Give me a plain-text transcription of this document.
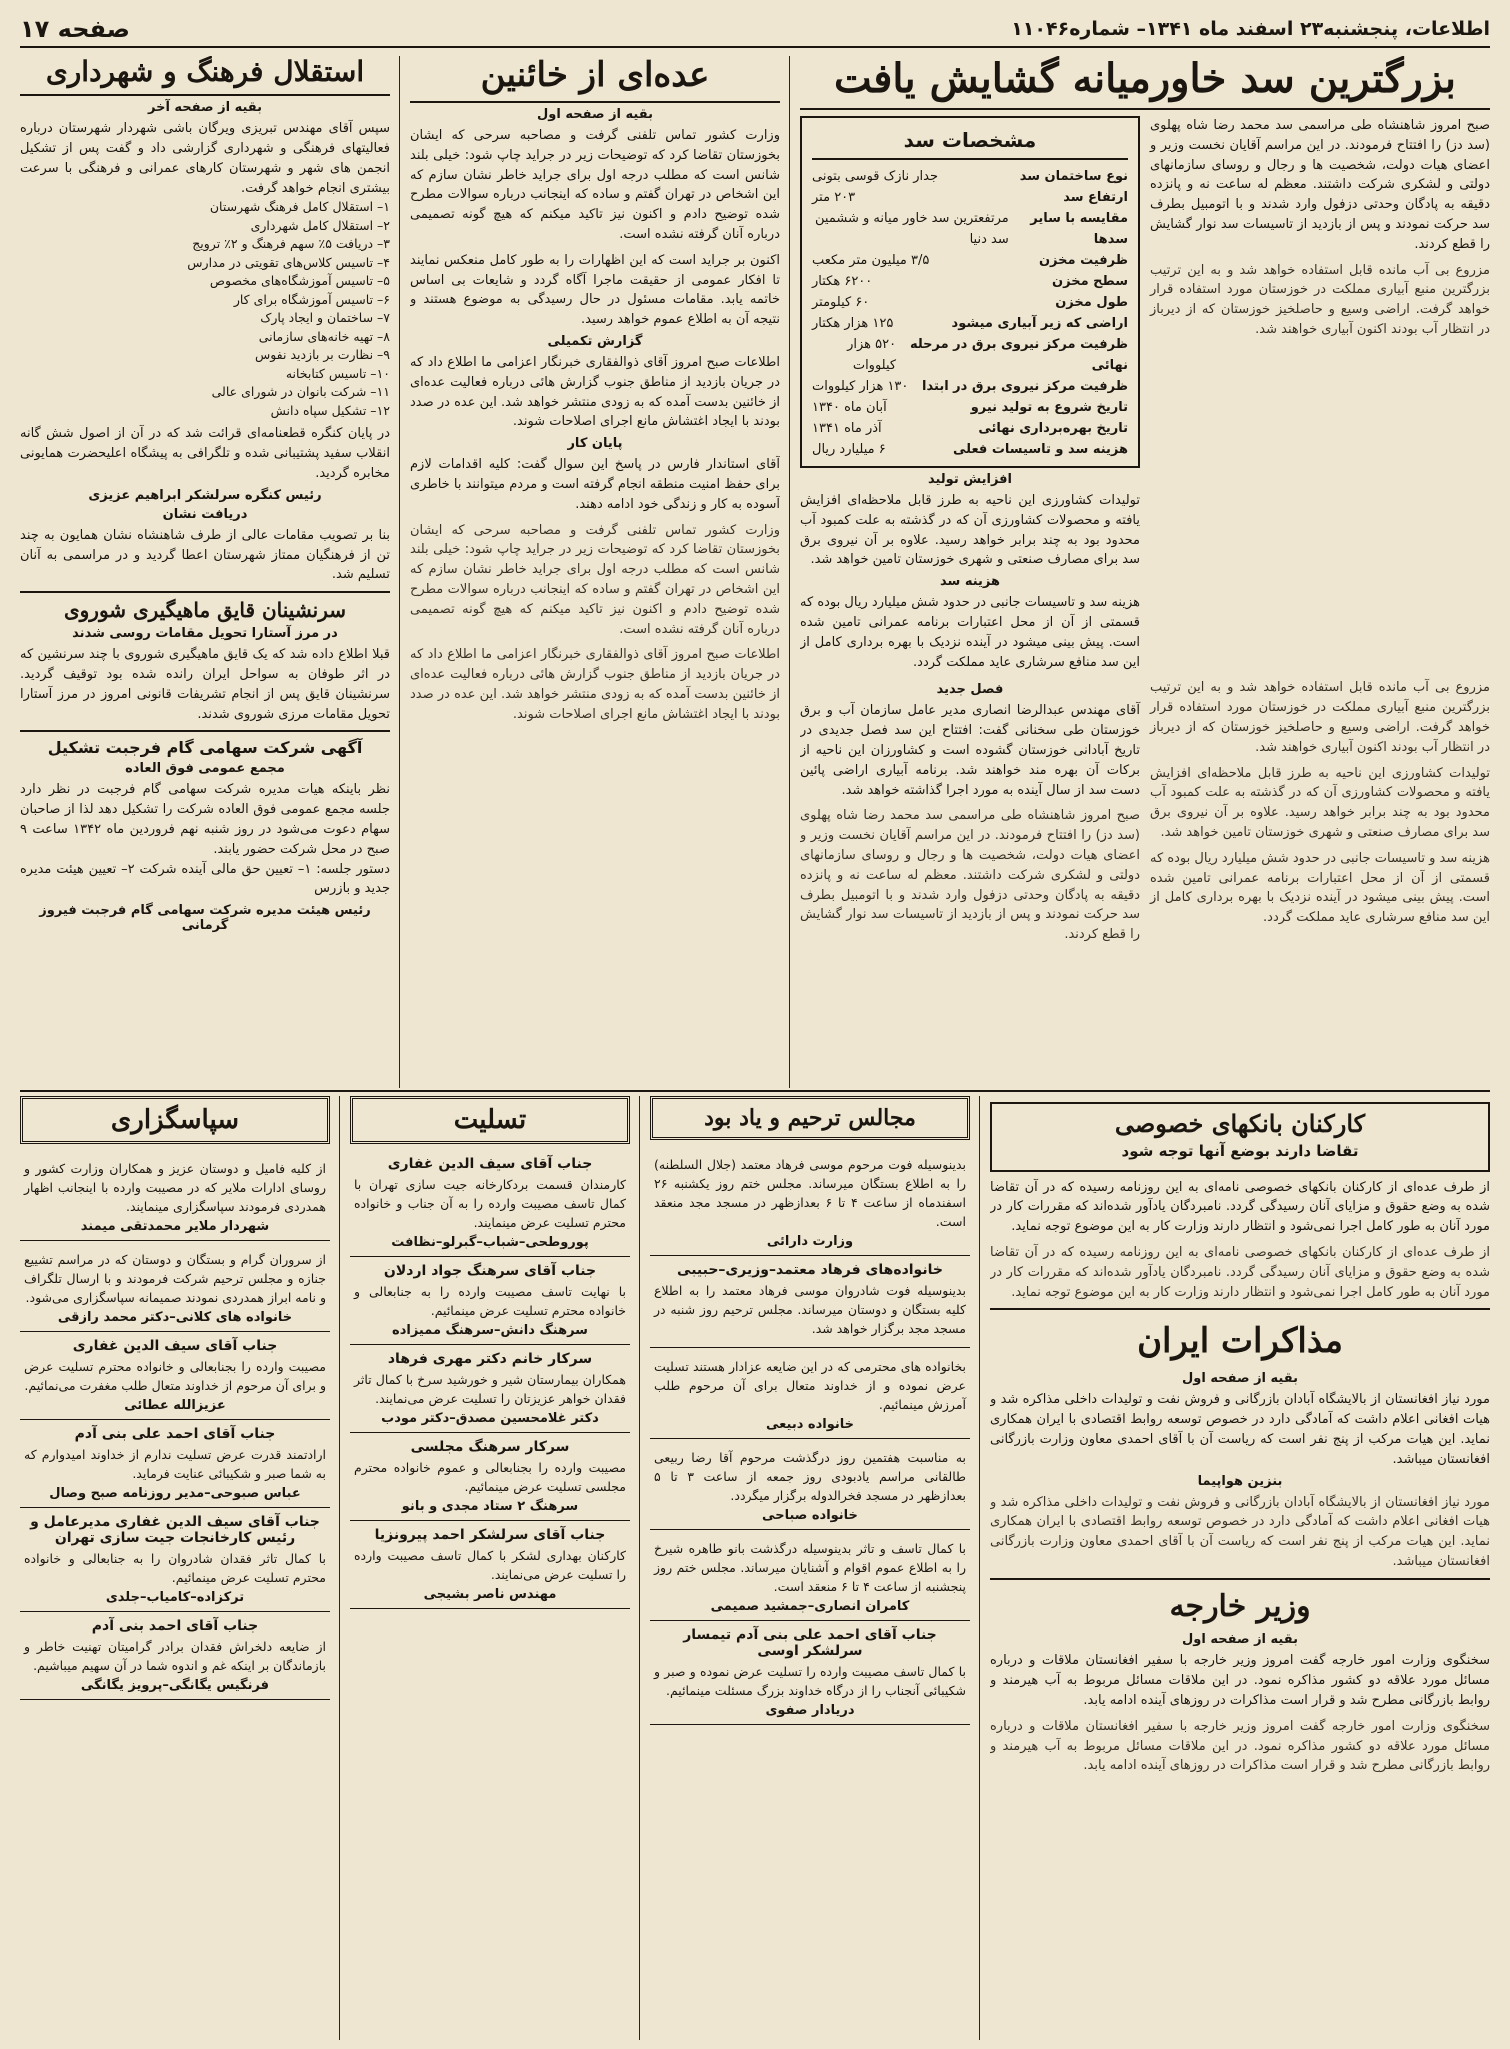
اطلاعات، پنجشنبه۲۳ اسفند ماه ۱۳۴۱– شماره۱۱۰۴۶
صفحه ۱۷
بزرگترین سد خاورمیانه گشایش یافت

صبح امروز شاهنشاه طی مراسمی سد محمد رضا شاه پهلوی (سد دز) را افتتاح فرمودند. در این مراسم آقایان نخست وزیر و اعضای هیات دولت، شخصیت ها و رجال و روسای سازمانهای دولتی و لشکری شرکت داشتند. معظم له ساعت نه و پانزده دقیقه به پادگان وحدتی دزفول وارد شدند و با اتومبیل بطرف سد حرکت نمودند و پس از بازدید از تاسیسات سد نوار گشایش را قطع کردند.

مزروع بی آب مانده قابل استفاده خواهد شد و به این ترتیب بزرگترین منبع آبیاری مملکت در خوزستان مورد استفاده قرار خواهد گرفت. اراضی وسیع و حاصلخیز خوزستان که از دیرباز در انتظار آب بودند اکنون آبیاری خواهند شد.

مشخصات سد
نوع ساختمان سد
جدار نازک قوسی بتونی
ارتفاع سد
۲۰۳ متر
مقایسه با سایر سدها
مرتفعترین سد خاور میانه و ششمین سد دنیا
ظرفیت مخزن
۳/۵ میلیون متر مکعب
سطح مخزن
۶۲۰۰ هکتار
طول مخزن
۶۰ کیلومتر
اراضی که زیر آبیاری میشود
۱۲۵ هزار هکتار
ظرفیت مرکز نیروی برق در مرحله نهائی
۵۲۰ هزار کیلووات
ظرفیت مرکز نیروی برق در ابتدا
۱۳۰ هزار کیلووات
تاریخ شروع به تولید نیرو
آبان ماه ۱۳۴۰
تاریخ بهره‌برداری نهائی
آذر ماه ۱۳۴۱
هزینه سد و تاسیسات فعلی
۶ میلیارد ریال
افزایش تولید

تولیدات کشاورزی این ناحیه به طرز قابل ملاحظه‌ای افزایش یافته و محصولات کشاورزی آن که در گذشته به علت کمبود آب محدود بود به چند برابر خواهد رسید. علاوه بر آن نیروی برق سد برای مصارف صنعتی و شهری خوزستان تامین خواهد شد.

هزینه سد

هزینه سد و تاسیسات جانبی در حدود شش میلیارد ریال بوده که قسمتی از آن از محل اعتبارات برنامه عمرانی تامین شده است. پیش بینی میشود در آینده نزدیک با بهره برداری کامل از این سد منافع سرشاری عاید مملکت گردد.

مزروع بی آب مانده قابل استفاده خواهد شد و به این ترتیب بزرگترین منبع آبیاری مملکت در خوزستان مورد استفاده قرار خواهد گرفت. اراضی وسیع و حاصلخیز خوزستان که از دیرباز در انتظار آب بودند اکنون آبیاری خواهند شد.

تولیدات کشاورزی این ناحیه به طرز قابل ملاحظه‌ای افزایش یافته و محصولات کشاورزی آن که در گذشته به علت کمبود آب محدود بود به چند برابر خواهد رسید. علاوه بر آن نیروی برق سد برای مصارف صنعتی و شهری خوزستان تامین خواهد شد.

هزینه سد و تاسیسات جانبی در حدود شش میلیارد ریال بوده که قسمتی از آن از محل اعتبارات برنامه عمرانی تامین شده است. پیش بینی میشود در آینده نزدیک با بهره برداری کامل از این سد منافع سرشاری عاید مملکت گردد.

فصل جدید

آقای مهندس عبدالرضا انصاری مدیر عامل سازمان آب و برق خوزستان طی سخنانی گفت: افتتاح این سد فصل جدیدی در تاریخ آبادانی خوزستان گشوده است و کشاورزان این ناحیه از برکات آن بهره مند خواهند شد. برنامه آبیاری اراضی پائین دست سد از سال آینده به مورد اجرا گذاشته خواهد شد.

صبح امروز شاهنشاه طی مراسمی سد محمد رضا شاه پهلوی (سد دز) را افتتاح فرمودند. در این مراسم آقایان نخست وزیر و اعضای هیات دولت، شخصیت ها و رجال و روسای سازمانهای دولتی و لشکری شرکت داشتند. معظم له ساعت نه و پانزده دقیقه به پادگان وحدتی دزفول وارد شدند و با اتومبیل بطرف سد حرکت نمودند و پس از بازدید از تاسیسات سد نوار گشایش را قطع کردند.

عده‌ای از خائنین
بقیه از صفحه اول

وزارت کشور تماس تلفنی گرفت و مصاحبه سرحی که ایشان بخوزستان تقاضا کرد که توضیحات زیر در جراید چاپ شود: خیلی بلند شانس است که مطلب درجه اول برای جراید خاطر نشان سازم که این اشخاص در تهران گفتم و ساده که اینجانب درباره سوالات مطرح شده توضیح دادم و اکنون نیز تاکید میکنم که هیچ گونه تصمیمی درباره آنان گرفته نشده است.

اکنون بر جراید است که این اظهارات را به طور کامل منعکس نمایند تا افکار عمومی از حقیقت ماجرا آگاه گردد و شایعات بی اساس خاتمه یابد. مقامات مسئول در حال رسیدگی به موضوع هستند و نتیجه آن به اطلاع عموم خواهد رسید.

گزارش تکمیلی

اطلاعات صبح امروز آقای ذوالفقاری خبرنگار اعزامی ما اطلاع داد که در جریان بازدید از مناطق جنوب گزارش هائی درباره فعالیت عده‌ای از خائنین بدست آمده که به زودی منتشر خواهد شد. این عده در صدد بودند با ایجاد اغتشاش مانع اجرای اصلاحات شوند.

پایان کار

آقای استاندار فارس در پاسخ این سوال گفت: کلیه اقدامات لازم برای حفظ امنیت منطقه انجام گرفته است و مردم میتوانند با خاطری آسوده به کار و زندگی خود ادامه دهند.

وزارت کشور تماس تلفنی گرفت و مصاحبه سرحی که ایشان بخوزستان تقاضا کرد که توضیحات زیر در جراید چاپ شود: خیلی بلند شانس است که مطلب درجه اول برای جراید خاطر نشان سازم که این اشخاص در تهران گفتم و ساده که اینجانب درباره سوالات مطرح شده توضیح دادم و اکنون نیز تاکید میکنم که هیچ گونه تصمیمی درباره آنان گرفته نشده است.

اطلاعات صبح امروز آقای ذوالفقاری خبرنگار اعزامی ما اطلاع داد که در جریان بازدید از مناطق جنوب گزارش هائی درباره فعالیت عده‌ای از خائنین بدست آمده که به زودی منتشر خواهد شد. این عده در صدد بودند با ایجاد اغتشاش مانع اجرای اصلاحات شوند.

استقلال فرهنگ و شهرداری
بقیه از صفحه آخر

سپس آقای مهندس تبریزی ویرگان باشی شهردار شهرستان درباره فعالیتهای فرهنگی و شهرداری گزارشی داد و گفت پس از تشکیل انجمن های شهر و شهرستان کارهای عمرانی و فرهنگی با سرعت بیشتری انجام خواهد گرفت.

۱– استقلال کامل فرهنگ شهرستان
۲– استقلال کامل شهرداری
۳– دریافت ۵٪ سهم فرهنگ و ۲٪ ترویج
۴– تاسیس کلاس‌های تقویتی در مدارس
۵– تاسیس آموزشگاه‌های مخصوص
۶– تاسیس آموزشگاه برای کار
۷– ساختمان و ایجاد پارک
۸– تهیه خانه‌های سازمانی
۹– نظارت بر بازدید نفوس
۱۰– تاسیس کتابخانه
۱۱– شرکت بانوان در شورای عالی
۱۲– تشکیل سپاه دانش

در پایان کنگره قطعنامه‌ای قرائت شد که در آن از اصول شش گانه انقلاب سفید پشتیبانی شده و تلگرافی به پیشگاه اعلیحضرت همایونی مخابره گردید.

رئیس کنگره سرلشکر ابراهیم عزیزی
دریافت نشان

بنا بر تصویب مقامات عالی از طرف شاهنشاه نشان همایون به چند تن از فرهنگیان ممتاز شهرستان اعطا گردید و در مراسمی به آنان تسلیم شد.

سرنشینان قایق ماهیگیری شوروی
در مرز آستارا تحویل مقامات روسی شدند

قبلا اطلاع داده شد که یک قایق ماهیگیری شوروی با چند سرنشین که در اثر طوفان به سواحل ایران رانده شده بود توقیف گردید. سرنشینان قایق پس از انجام تشریفات قانونی امروز در مرز آستارا تحویل مقامات مرزی شوروی شدند.

آگهی شرکت سهامی گام فرجبت تشکیل
مجمع عمومی فوق العاده

نظر باینکه هیات مدیره شرکت سهامی گام فرجبت در نظر دارد جلسه مجمع عمومی فوق العاده شرکت را تشکیل دهد لذا از صاحبان سهام دعوت می‌شود در روز شنبه نهم فروردین ماه ۱۳۴۲ ساعت ۹ صبح در محل شرکت حضور یابند.

دستور جلسه: ۱– تعیین حق مالی آینده شرکت ۲– تعیین هیئت مدیره جدید و بازرس

رئیس هیئت مدیره شرکت سهامی گام فرجبت فیروز گرمانی
کارکنان بانکهای خصوصی
تقاضا دارند بوضع آنها توجه شود

از طرف عده‌ای از کارکنان بانکهای خصوصی نامه‌ای به این روزنامه رسیده که در آن تقاضا شده به وضع حقوق و مزایای آنان رسیدگی گردد. نامبردگان یادآور شده‌اند که مقررات کار در مورد آنان به طور کامل اجرا نمی‌شود و انتظار دارند وزارت کار به این موضوع توجه نماید.

از طرف عده‌ای از کارکنان بانکهای خصوصی نامه‌ای به این روزنامه رسیده که در آن تقاضا شده به وضع حقوق و مزایای آنان رسیدگی گردد. نامبردگان یادآور شده‌اند که مقررات کار در مورد آنان به طور کامل اجرا نمی‌شود و انتظار دارند وزارت کار به این موضوع توجه نماید.

مذاکرات ایران
بقیه از صفحه اول

مورد نیاز افغانستان از بالایشگاه آبادان بازرگانی و فروش نفت و تولیدات داخلی مذاکره شد و هیات افغانی اعلام داشت که آمادگی دارد در خصوص توسعه روابط اقتصادی با ایران همکاری نماید. این هیات مرکب از پنج نفر است که ریاست آن با آقای احمدی معاون وزارت بازرگانی افغانستان میباشد.

بنزین هواپیما

مورد نیاز افغانستان از بالایشگاه آبادان بازرگانی و فروش نفت و تولیدات داخلی مذاکره شد و هیات افغانی اعلام داشت که آمادگی دارد در خصوص توسعه روابط اقتصادی با ایران همکاری نماید. این هیات مرکب از پنج نفر است که ریاست آن با آقای احمدی معاون وزارت بازرگانی افغانستان میباشد.

وزیر خارجه
بقیه از صفحه اول

سخنگوی وزارت امور خارجه گفت امروز وزیر خارجه با سفیر افغانستان ملاقات و درباره مسائل مورد علاقه دو کشور مذاکره نمود. در این ملاقات مسائل مربوط به آب هیرمند و روابط بازرگانی مطرح شد و قرار است مذاکرات در روزهای آینده ادامه یابد.

سخنگوی وزارت امور خارجه گفت امروز وزیر خارجه با سفیر افغانستان ملاقات و درباره مسائل مورد علاقه دو کشور مذاکره نمود. در این ملاقات مسائل مربوط به آب هیرمند و روابط بازرگانی مطرح شد و قرار است مذاکرات در روزهای آینده ادامه یابد.

مجالس ترحیم و یاد بود
بدینوسیله فوت مرحوم موسی فرهاد معتمد (جلال السلطنه) را به اطلاع بستگان میرساند. مجلس ختم روز یکشنبه ۲۶ اسفندماه از ساعت ۴ تا ۶ بعدازظهر در مسجد مجد منعقد است.
وزارت دارائی
خانواده‌های فرهاد معتمد–وزیری–حبیبی
بدینوسیله فوت شادروان موسی فرهاد معتمد را به اطلاع کلیه بستگان و دوستان میرساند. مجلس ترحیم روز شنبه در مسجد مجد برگزار خواهد شد.
بخانواده های محترمی که در این ضایعه عزادار هستند تسلیت عرض نموده و از خداوند متعال برای آن مرحوم طلب آمرزش مینمائیم.
خانواده دبیعی
به مناسبت هفتمین روز درگذشت مرحوم آقا رضا ربیعی طالقانی مراسم یادبودی روز جمعه از ساعت ۳ تا ۵ بعدازظهر در مسجد فخرالدوله برگزار میگردد.
خانواده صباحی
با کمال تاسف و تاثر بدینوسیله درگذشت بانو طاهره شیرخ را به اطلاع عموم اقوام و آشنایان میرساند. مجلس ختم روز پنجشنبه از ساعت ۴ تا ۶ منعقد است.
کامران انصاری–جمشید صمیمی
جناب آقای احمد علی بنی آدم تیمسار سرلشکر اوسی
با کمال تاسف مصیبت وارده را تسلیت عرض نموده و صبر و شکیبائی آنجناب را از درگاه خداوند بزرگ مسئلت مینمائیم.
دریادار صفوی
تسلیت
جناب آقای سیف الدین غفاری
کارمندان قسمت بردکارخانه جیت سازی تهران با کمال تاسف مصیبت وارده را به آن جناب و خانواده محترم تسلیت عرض مینمایند.
پوروطحی–شباب–گبرلو–نظافت
جناب آقای سرهنگ جواد اردلان
با نهایت تاسف مصیبت وارده را به جنابعالی و خانواده محترم تسلیت عرض مینمائیم.
سرهنگ دانش–سرهنگ ممیزاده
سرکار خانم دکتر مهری فرهاد
همکاران بیمارستان شیر و خورشید سرخ با کمال تاثر فقدان خواهر عزیزتان را تسلیت عرض می‌نمایند.
دکتر غلامحسین مصدق–دکتر مودب
سرکار سرهنگ مجلسی
مصیبت وارده را بجنابعالی و عموم خانواده محترم مجلسی تسلیت عرض مینمائیم.
سرهنگ ۲ ستاد مجدی و بانو
جناب آقای سرلشکر احمد پیرونزیا
کارکنان بهداری لشکر با کمال تاسف مصیبت وارده را تسلیت عرض می‌نمایند.
مهندس ناصر بشیجی
سپاسگزاری
از کلیه فامیل و دوستان عزیز و همکاران وزارت کشور و روسای ادارات ملایر که در مصیبت وارده با اینجانب اظهار همدردی فرمودند سپاسگزاری مینمایند.
شهردار ملایر محمدتقی میمند
از سروران گرام و بستگان و دوستان که در مراسم تشییع جنازه و مجلس ترحیم شرکت فرمودند و با ارسال تلگراف و نامه ابراز همدردی نمودند صمیمانه سپاسگزاری می‌شود.
خانواده های کلانی–دکتر محمد رازقی
جناب آقای سیف الدین غفاری
مصیبت وارده را بجنابعالی و خانواده محترم تسلیت عرض و برای آن مرحوم از خداوند متعال طلب مغفرت می‌نمائیم.
عزیزالله عطائی
جناب آقای احمد علی بنی آدم
ارادتمند قدرت عرض تسلیت ندارم از خداوند امیدوارم که به شما صبر و شکیبائی عنایت فرماید.
عباس صبوحی–مدیر روزنامه صبح وصال
جناب آقای سیف الدین غفاری مدیرعامل و رئیس کارخانجات جیت سازی تهران
با کمال تاثر فقدان شادروان را به جنابعالی و خانواده محترم تسلیت عرض مینمائیم.
ترکزاده–کامیاب–جلدی
جناب آقای احمد بنی آدم
از ضایعه دلخراش فقدان برادر گرامیتان تهنیت خاطر و بازماندگان بر اینکه غم و اندوه شما در آن سهیم میباشیم.
فرنگیس یگانگی–پرویز یگانگی
